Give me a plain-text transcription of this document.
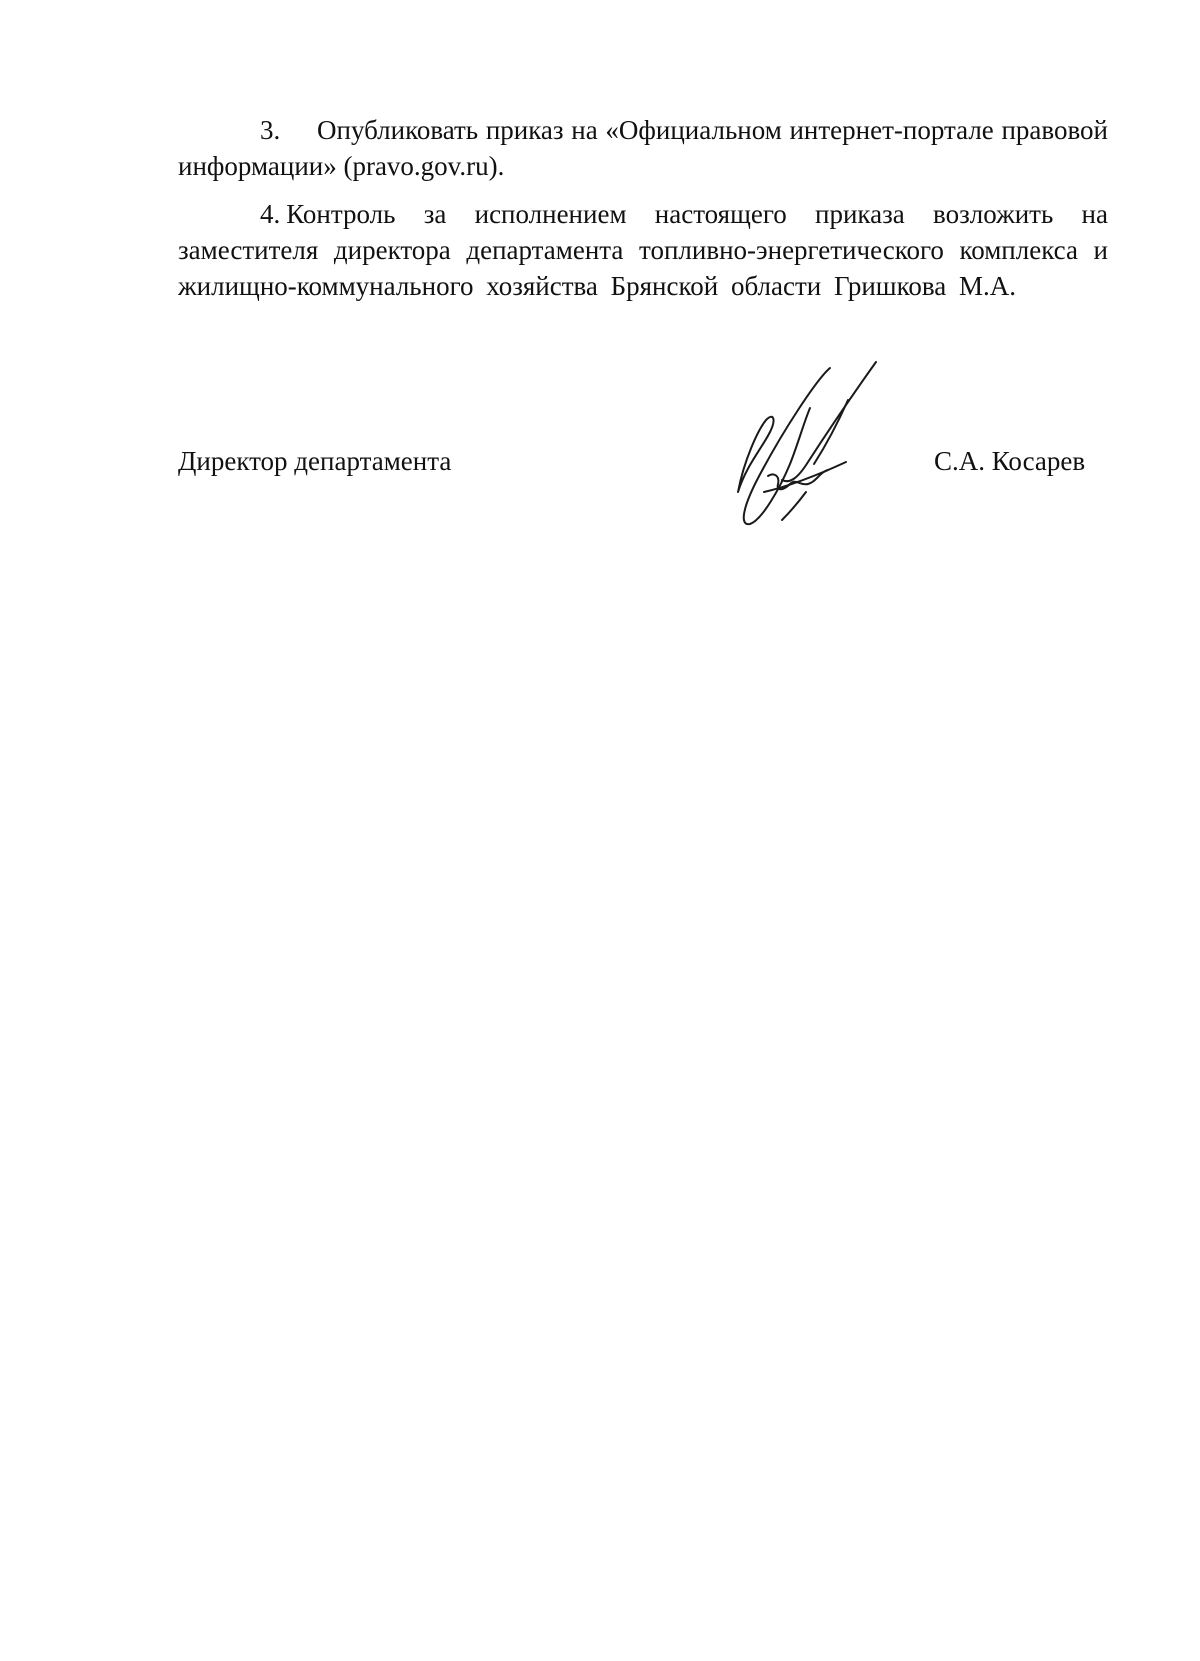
3. Опубликовать приказ на «Официальном интернет-портале правовой информации» (pravo.gov.ru).

4. Контроль за исполнением настоящего приказа возложить на заместителя директора департамента топливно-энергетического комплекса и жилищно-коммунального хозяйства Брянской области Гришкова М.А.

Директор департамента	С.А. Косарев
